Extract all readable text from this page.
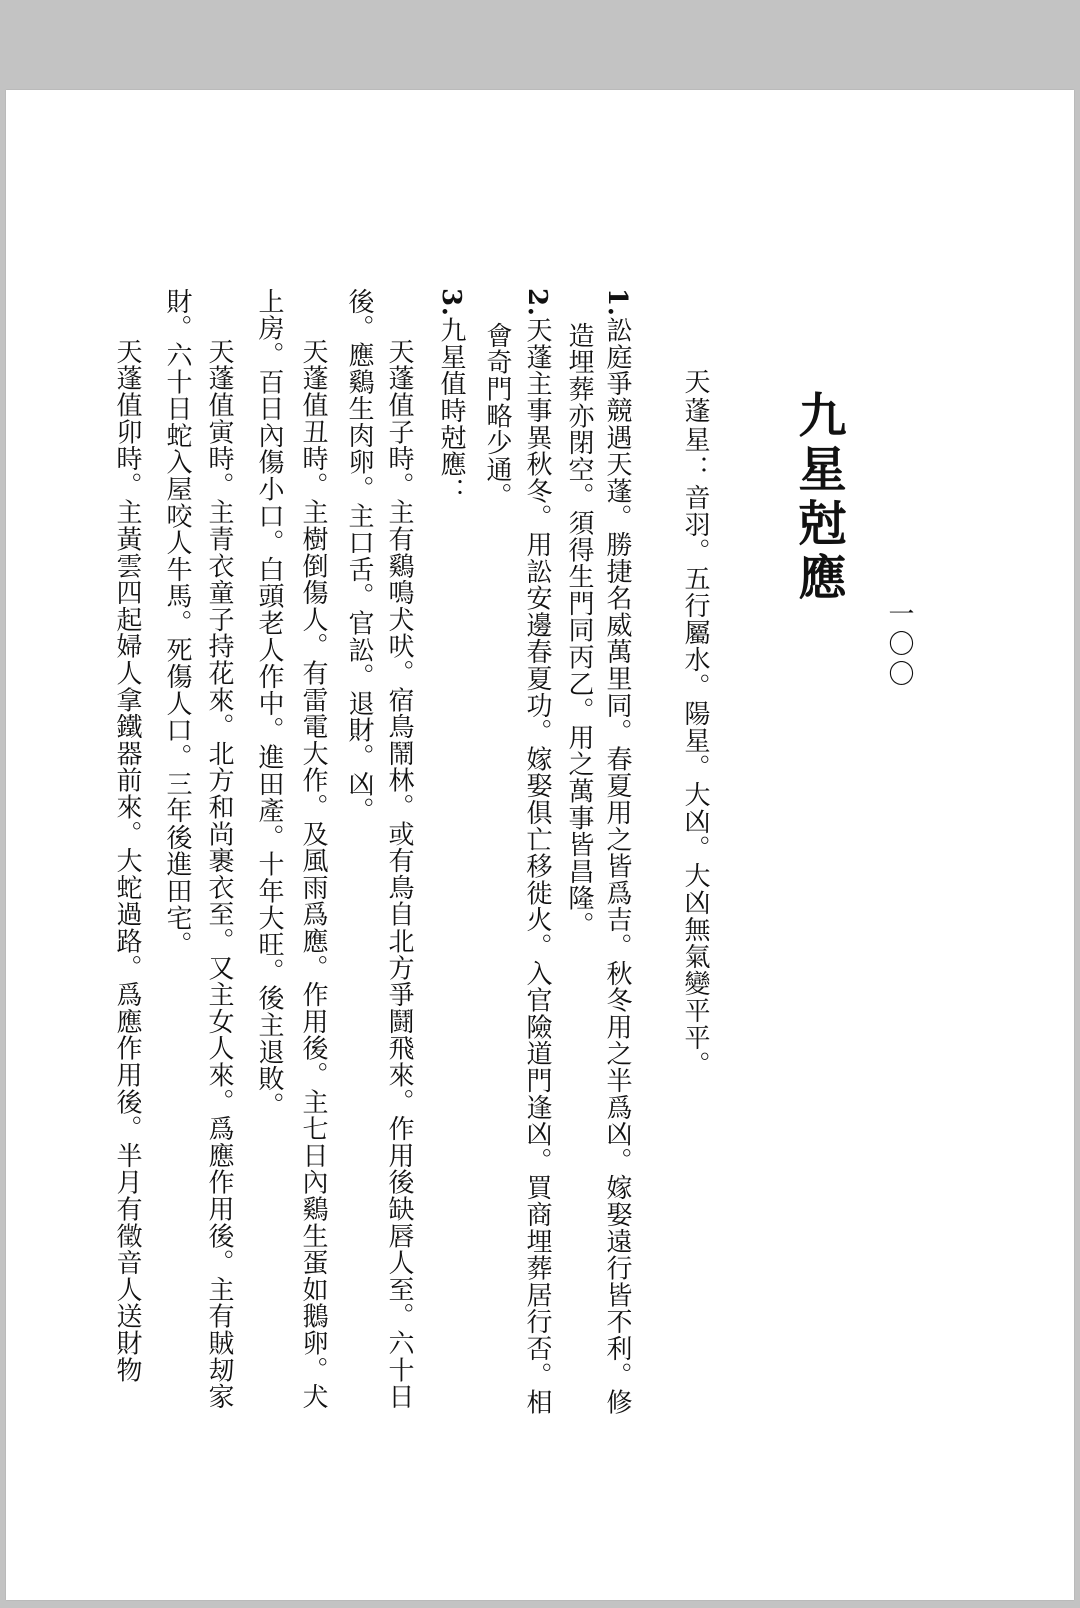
一〇〇
九星尅應
天蓬星：音羽。五行屬水。陽星。大凶。大凶無氣變平平。
1.訟庭爭競遇天蓬。勝捷名威萬里同。春夏用之皆爲吉。秋冬用之半爲凶。嫁娶遠行皆不利。修
造埋葬亦閉空。須得生門同丙乙。用之萬事皆昌隆。
2.天蓬主事異秋冬。用訟安邊春夏功。嫁娶俱亡移徙火。入官險道門逢凶。買商埋葬居行否。相
會奇門略少通。
3.九星值時尅應：
天蓬值子時。主有鷄鳴犬吠。宿鳥鬧林。或有鳥自北方爭鬪飛來。作用後缺唇人至。六十日
後。應鷄生肉卵。主口舌。官訟。退財。凶。
天蓬值丑時。主樹倒傷人。有雷電大作。及風雨爲應。作用後。主七日內鷄生蛋如鵝卵。犬
上房。百日內傷小口。白頭老人作中。進田產。十年大旺。後主退敗。
天蓬值寅時。主青衣童子持花來。北方和尚裹衣至。又主女人來。爲應作用後。主有賊刼家
財。六十日蛇入屋咬人牛馬。死傷人口。三年後進田宅。
天蓬值卯時。主黃雲四起婦人拿鐵器前來。大蛇過路。爲應作用後。半月有徵音人送財物
